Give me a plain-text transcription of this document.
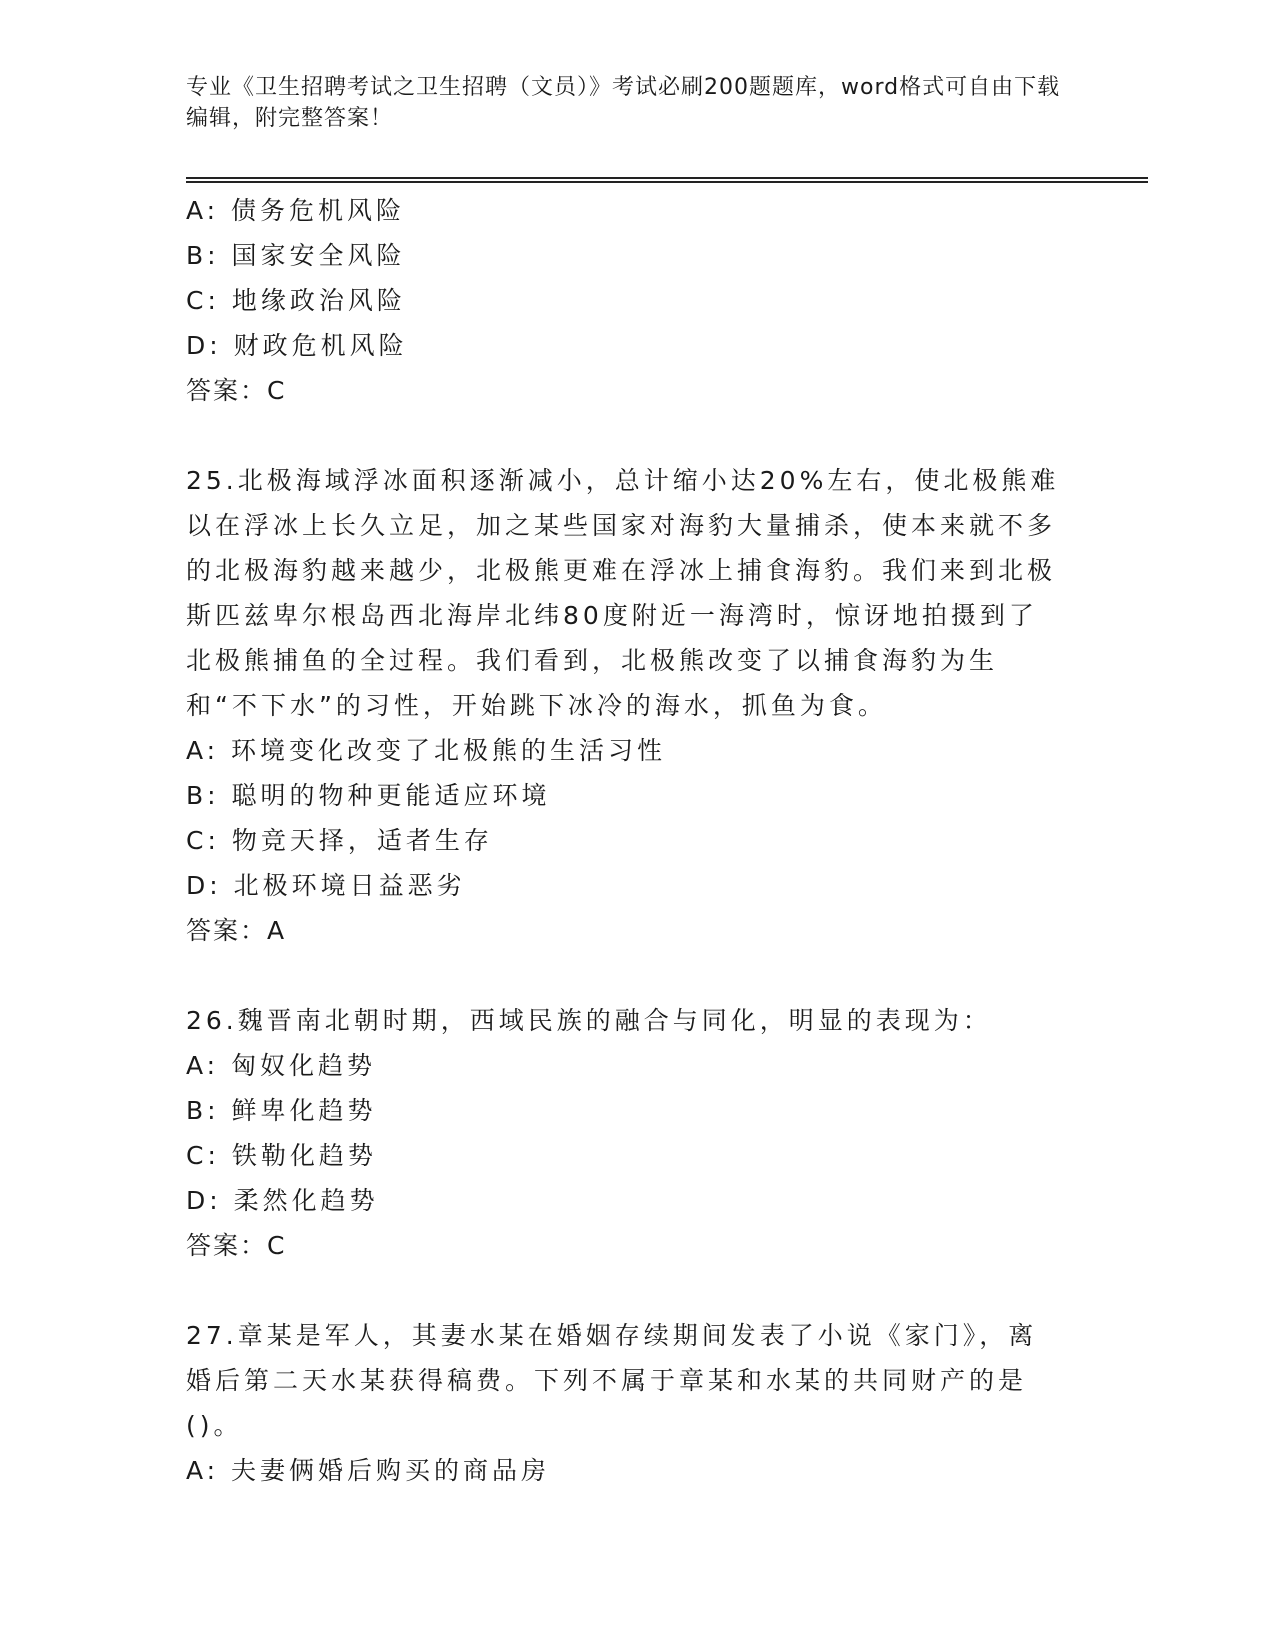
专业《卫生招聘考试之卫生招聘（文员）》考试必刷200题题库，word格式可自由下载编辑，附完整答案！
A: 债务危机风险
B: 国家安全风险
C: 地缘政治风险
D: 财政危机风险
答案：C
25.北极海域浮冰面积逐渐减小，总计缩小达20%左右，使北极熊难以在浮冰上长久立足，加之某些国家对海豹大量捕杀，使本来就不多的北极海豹越来越少，北极熊更难在浮冰上捕食海豹。我们来到北极斯匹兹卑尔根岛西北海岸北纬80度附近一海湾时，惊讶地拍摄到了北极熊捕鱼的全过程。我们看到，北极熊改变了以捕食海豹为生和“不下水”的习性，开始跳下冰冷的海水，抓鱼为食。
A: 环境变化改变了北极熊的生活习性
B: 聪明的物种更能适应环境
C: 物竞天择，适者生存
D: 北极环境日益恶劣
答案：A
26.魏晋南北朝时期，西域民族的融合与同化，明显的表现为：
A: 匈奴化趋势
B: 鲜卑化趋势
C: 铁勒化趋势
D: 柔然化趋势
答案：C
27.章某是军人，其妻水某在婚姻存续期间发表了小说《家门》，离婚后第二天水某获得稿费。下列不属于章某和水某的共同财产的是()。
A: 夫妻俩婚后购买的商品房
